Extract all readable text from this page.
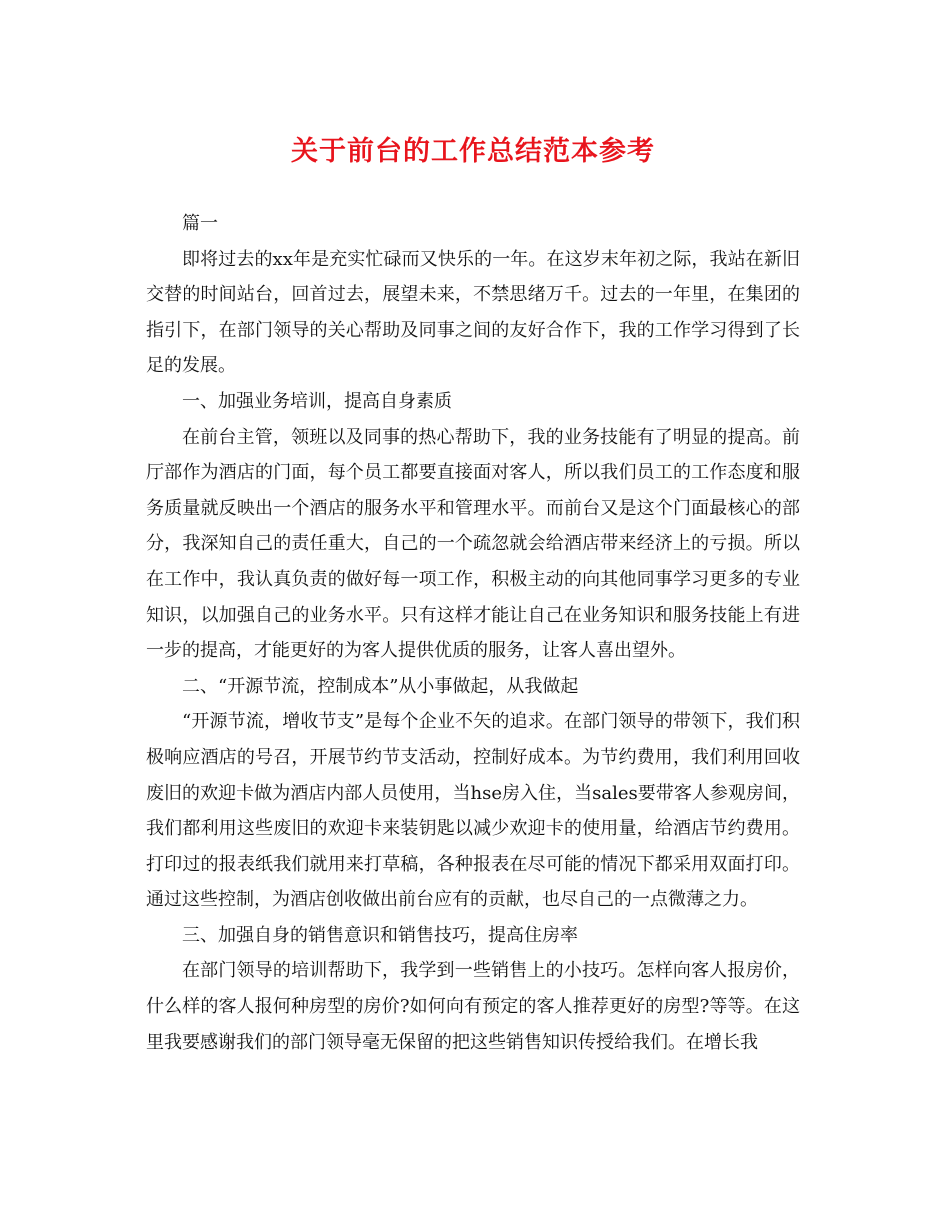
关于前台的工作总结范本参考

篇一

即将过去的xx年是充实忙碌而又快乐的一年。在这岁末年初之际，我站在新旧交替的时间站台，回首过去，展望未来，不禁思绪万千。过去的一年里，在集团的指引下，在部门领导的关心帮助及同事之间的友好合作下，我的工作学习得到了长足的发展。

一、加强业务培训，提高自身素质

在前台主管，领班以及同事的热心帮助下，我的业务技能有了明显的提高。前厅部作为酒店的门面，每个员工都要直接面对客人，所以我们员工的工作态度和服务质量就反映出一个酒店的服务水平和管理水平。而前台又是这个门面最核心的部分，我深知自己的责任重大，自己的一个疏忽就会给酒店带来经济上的亏损。所以在工作中，我认真负责的做好每一项工作，积极主动的向其他同事学习更多的专业知识，以加强自己的业务水平。只有这样才能让自己在业务知识和服务技能上有进一步的提高，才能更好的为客人提供优质的服务，让客人喜出望外。

二、“开源节流，控制成本”从小事做起，从我做起

“开源节流，增收节支”是每个企业不矢的追求。在部门领导的带领下，我们积极响应酒店的号召，开展节约节支活动，控制好成本。为节约费用，我们利用回收废旧的欢迎卡做为酒店内部人员使用，当hse房入住，当sales要带客人参观房间，我们都利用这些废旧的欢迎卡来装钥匙以减少欢迎卡的使用量，给酒店节约费用。打印过的报表纸我们就用来打草稿，各种报表在尽可能的情况下都采用双面打印。通过这些控制，为酒店创收做出前台应有的贡献，也尽自己的一点微薄之力。

三、加强自身的销售意识和销售技巧，提高住房率

在部门领导的培训帮助下，我学到一些销售上的小技巧。怎样向客人报房价，什么样的客人报何种房型的房价?如何向有预定的客人推荐更好的房型?等等。在这里我要感谢我们的部门领导毫无保留的把这些销售知识传授给我们。在增长我
